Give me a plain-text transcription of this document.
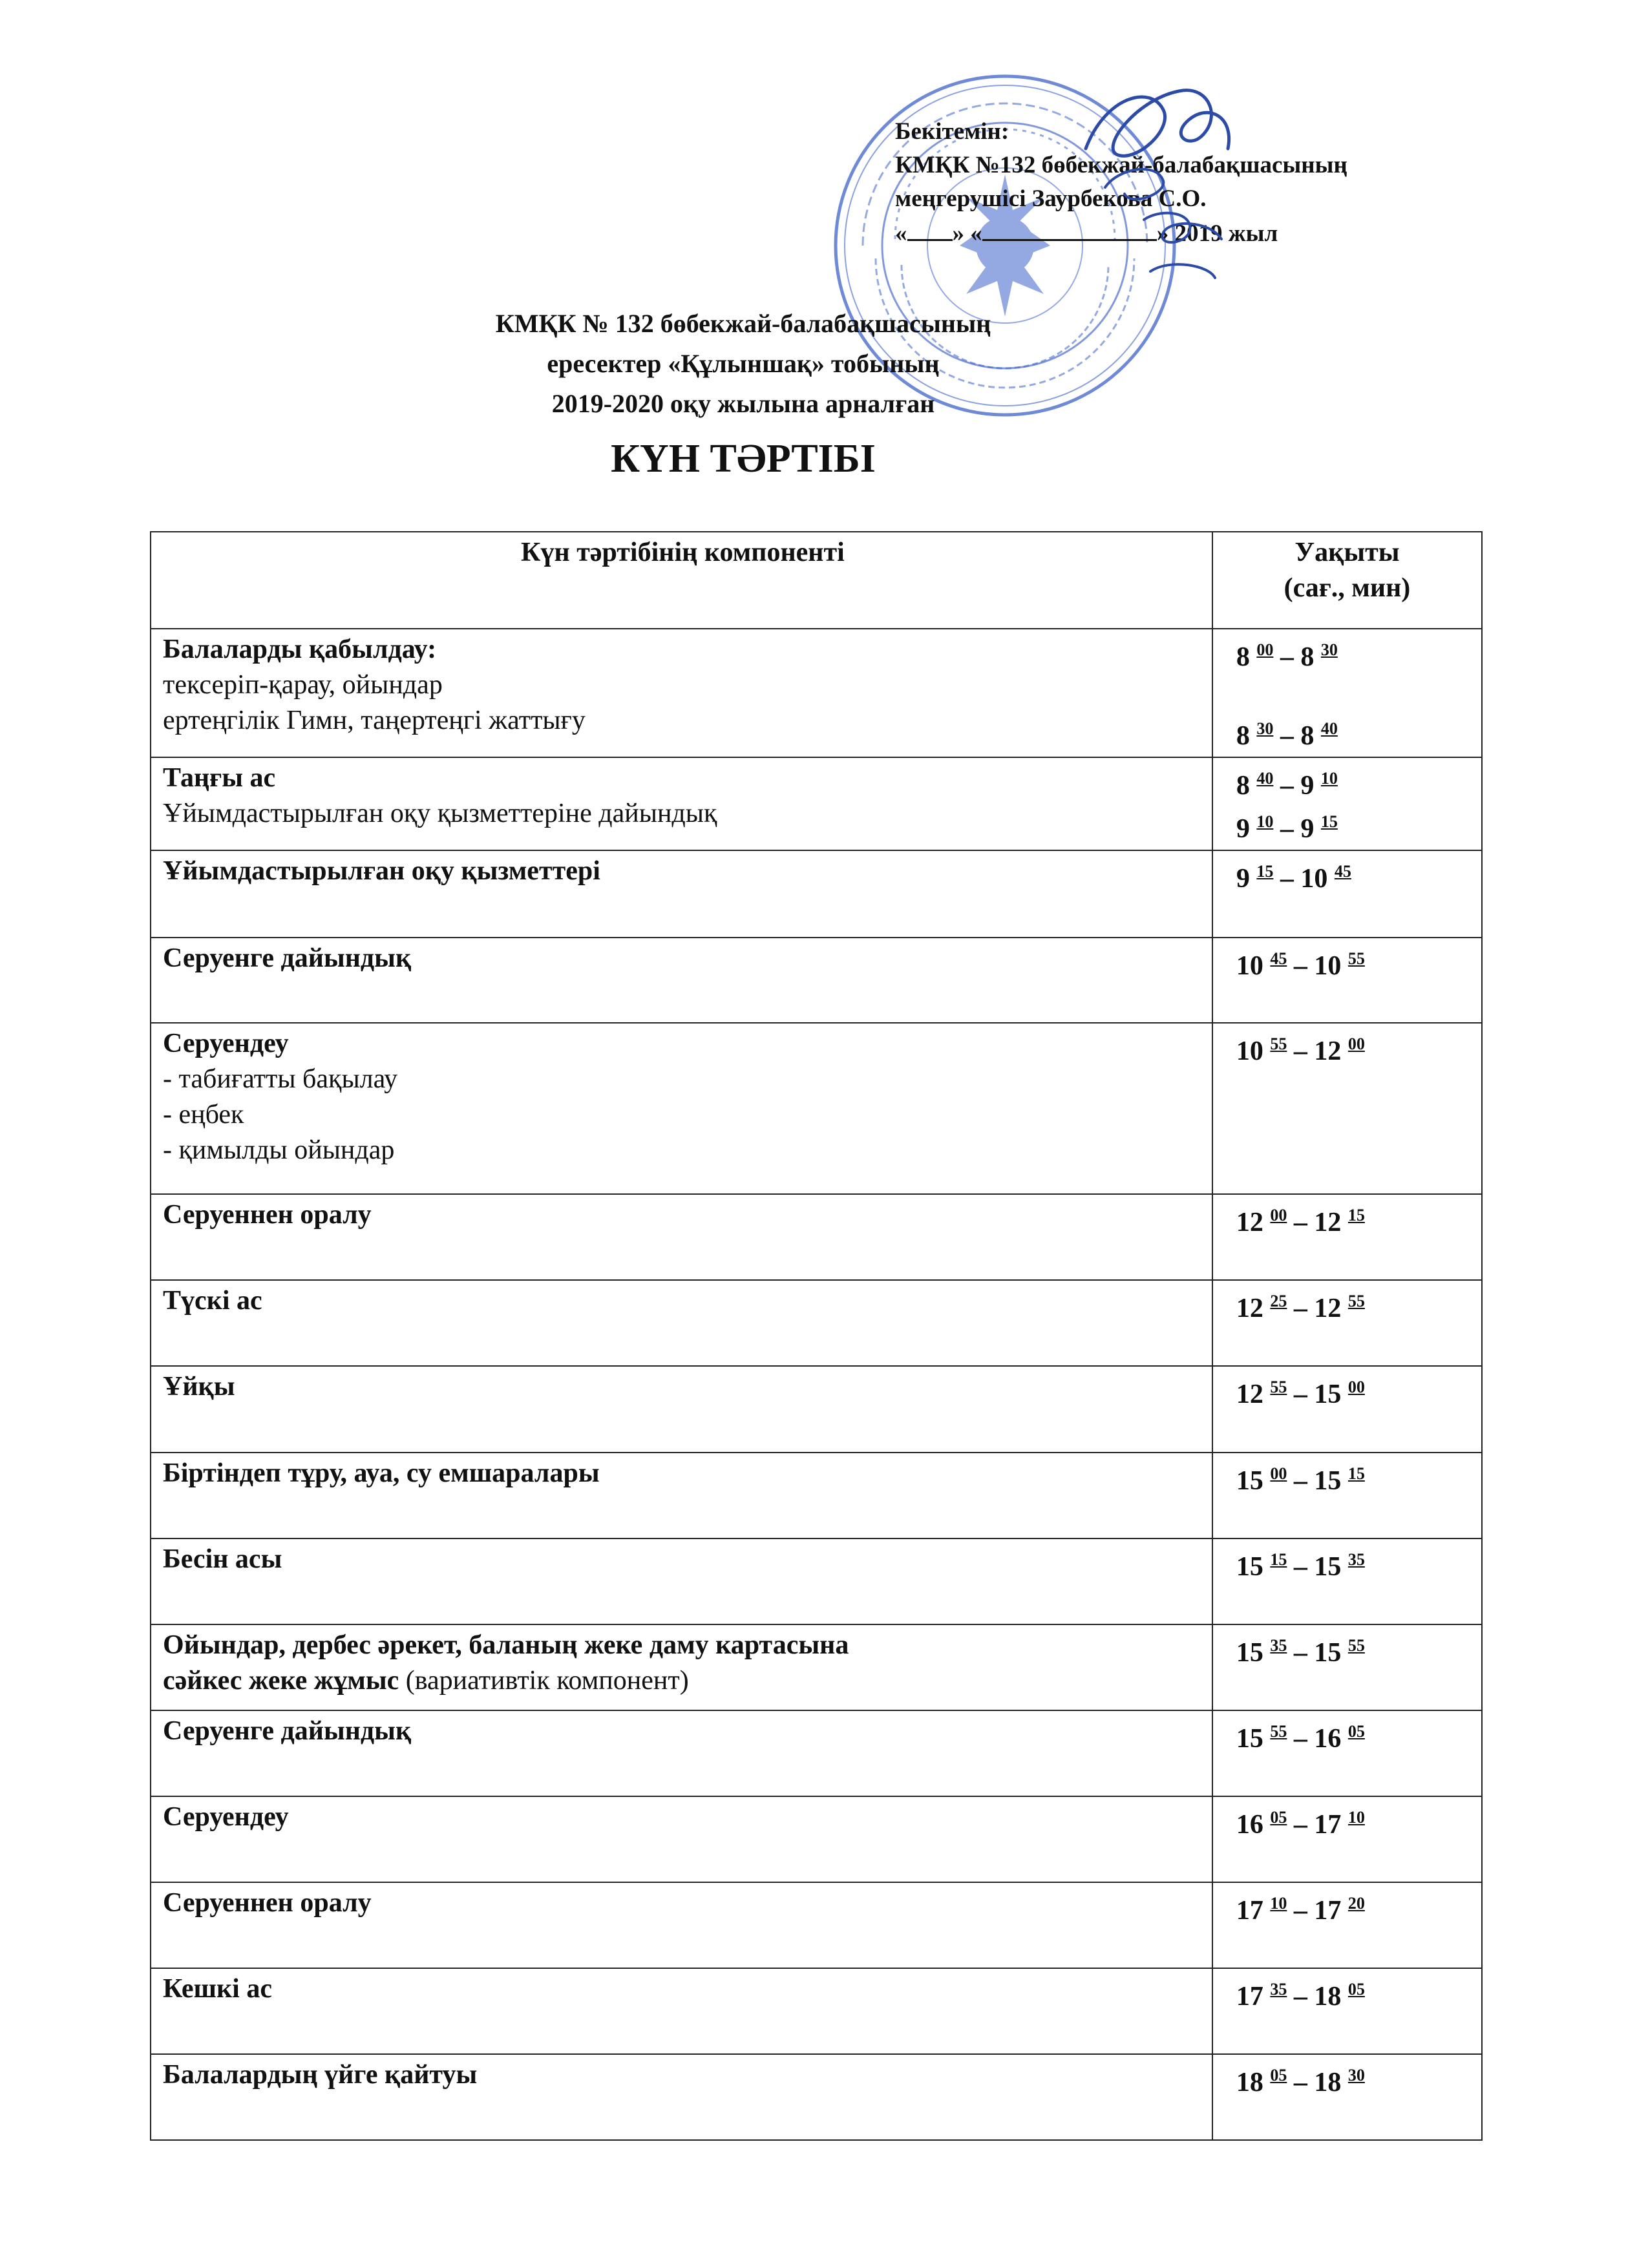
Бекітемін:
КМҚК №132 бөбекжай-балабақшасының
меңгерушісі Заурбекова С.О.
« » «	» 2019 жыл
КМҚК № 132 бөбекжай-балабақшасының
ересектер «Құлыншақ» тобының
2019-2020 оқу жылына арналған
КҮН ТӘРТІБІ
Күн тәртібінің компоненті	Уақыты
(сағ., мин)

Балаларды қабылдау:
тексеріп-қарау, ойындар
ертеңгілік Гимн, таңертеңгі жаттығу	8 $^{00}$ – 8 $^{30}$

8 $^{30}$ – 8 $^{40}$

Таңғы ас
Ұйымдастырылған оқу қызметтеріне дайындық	8 $^{40}$ – 9 $^{10}$
9 $^{10}$ – 9 $^{15}$

Ұйымдастырылған оқу қызметтері	9 $^{15}$ – 10 $^{45}$

Серуенге дайындық	10 $^{45}$ – 10 $^{55}$

Серуендеу
- табиғатты бақылау
- еңбек
- қимылды ойындар	10 $^{55}$ – 12 $^{00}$

Серуеннен оралу	12 $^{00}$ – 12 $^{15}$

Түскі ас	12 $^{25}$ – 12 $^{55}$

Ұйқы	12 $^{55}$ – 15 $^{00}$

Біртіндеп тұру, ауа, су емшаралары	15 $^{00}$ – 15 $^{15}$

Бесін асы	15 $^{15}$ – 15 $^{35}$

Ойындар, дербес әрекет, баланың жеке даму картасына
сәйкес жеке жұмыс (вариативтік компонент)	15 $^{35}$ – 15 $^{55}$

Серуенге дайындық	15 $^{55}$ – 16 $^{05}$

Серуендеу	16 $^{05}$ – 17 $^{10}$

Серуеннен оралу	17 $^{10}$ – 17 $^{20}$

Кешкі ас	17 $^{35}$ – 18 $^{05}$

Балалардың үйге қайтуы	18 $^{05}$ – 18 $^{30}$
